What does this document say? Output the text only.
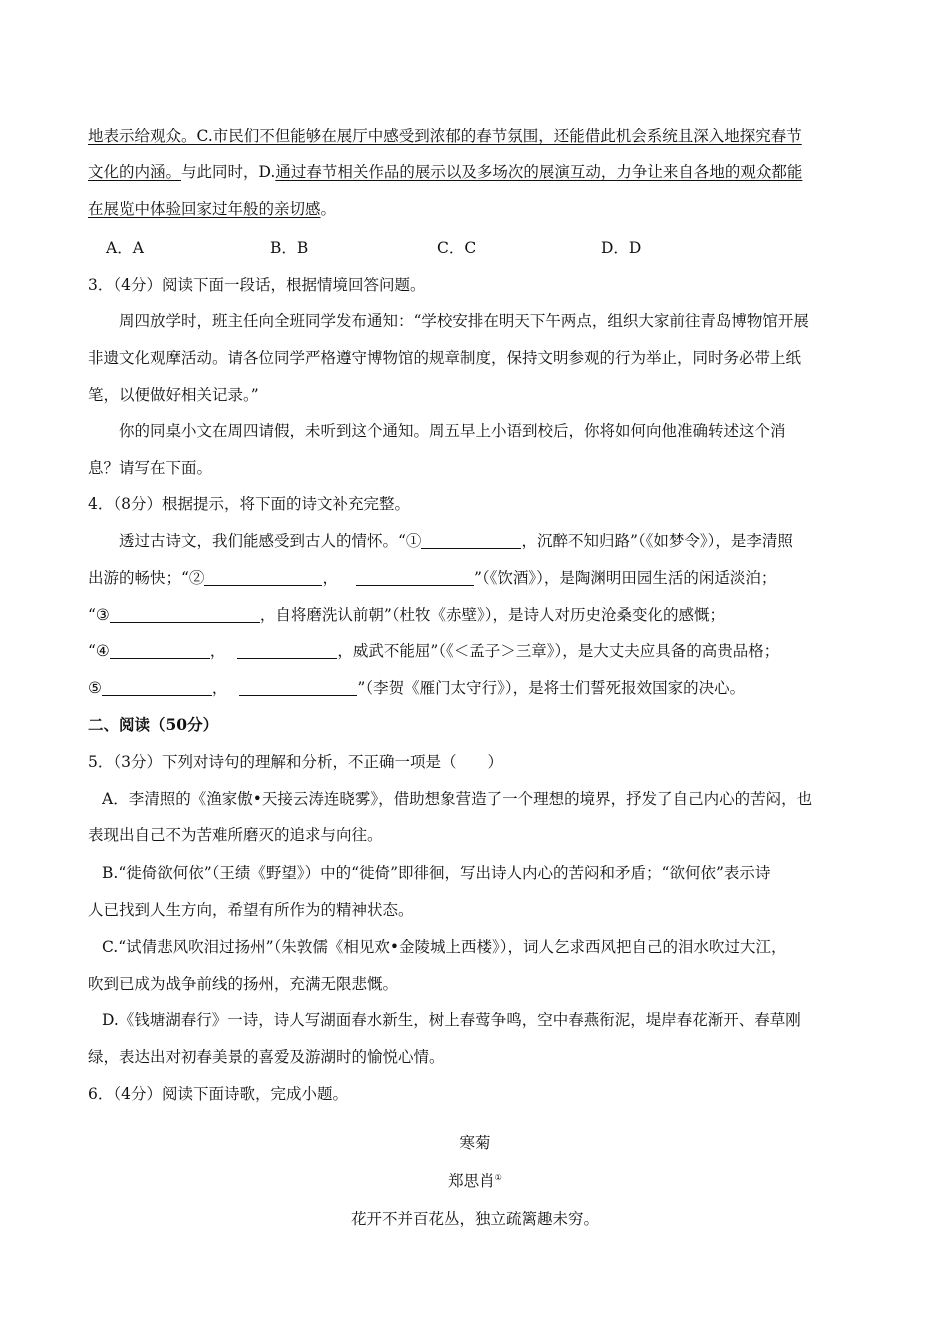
地表示给观众。C.市民们不但能够在展厅中感受到浓郁的春节氛围，还能借此机会系统且深入地探究春节
文化的内涵。与此同时，D.通过春节相关作品的展示以及多场次的展演互动，力争让来自各地的观众都能
在展览中体验回家过年般的亲切感。
A．A	B．B	C．C	D．D
3．（4分）阅读下面一段话，根据情境回答问题。
周四放学时，班主任向全班同学发布通知：“学校安排在明天下午两点，组织大家前往青岛博物馆开展
非遗文化观摩活动。请各位同学严格遵守博物馆的规章制度，保持文明参观的行为举止，同时务必带上纸
笔，以便做好相关记录。”
你的同桌小文在周四请假，未听到这个通知。周五早上小语到校后，你将如何向他准确转述这个消
息？请写在下面。
4．（8分）根据提示，将下面的诗文补充完整。
透过古诗文，我们能感受到古人的情怀。“①	，沉醉不知归路”（《如梦令》），是李清照
出游的畅快；“②	，	”（《饮酒》），是陶渊明田园生活的闲适淡泊；
“③	，自将磨洗认前朝”（杜牧《赤壁》），是诗人对历史沧桑变化的感慨；
“④	，	，威武不能屈”（《＜孟子＞三章》），是大丈夫应具备的高贵品格；
⑤	，	”（李贺《雁门太守行》），是将士们誓死报效国家的决心。
二、阅读（50分）
5．（3分）下列对诗句的理解和分析，不正确一项是（　　）
A．李清照的《渔家傲•天接云涛连晓雾》，借助想象营造了一个理想的境界，抒发了自己内心的苦闷，也
表现出自己不为苦难所磨灭的追求与向往。
B.“徙倚欲何依”（王绩《野望》）中的“徙倚”即徘徊，写出诗人内心的苦闷和矛盾；“欲何依”表示诗
人已找到人生方向，希望有所作为的精神状态。
C.“试倩悲风吹泪过扬州”（朱敦儒《相见欢•金陵城上西楼》），词人乞求西风把自己的泪水吹过大江，
吹到已成为战争前线的扬州，充满无限悲慨。
D.《钱塘湖春行》一诗，诗人写湖面春水新生，树上春莺争鸣，空中春燕衔泥，堤岸春花渐开、春草刚
绿，表达出对初春美景的喜爱及游湖时的愉悦心情。
6．（4分）阅读下面诗歌，完成小题。
寒菊
郑思肖①
花开不并百花丛，独立疏篱趣未穷。
